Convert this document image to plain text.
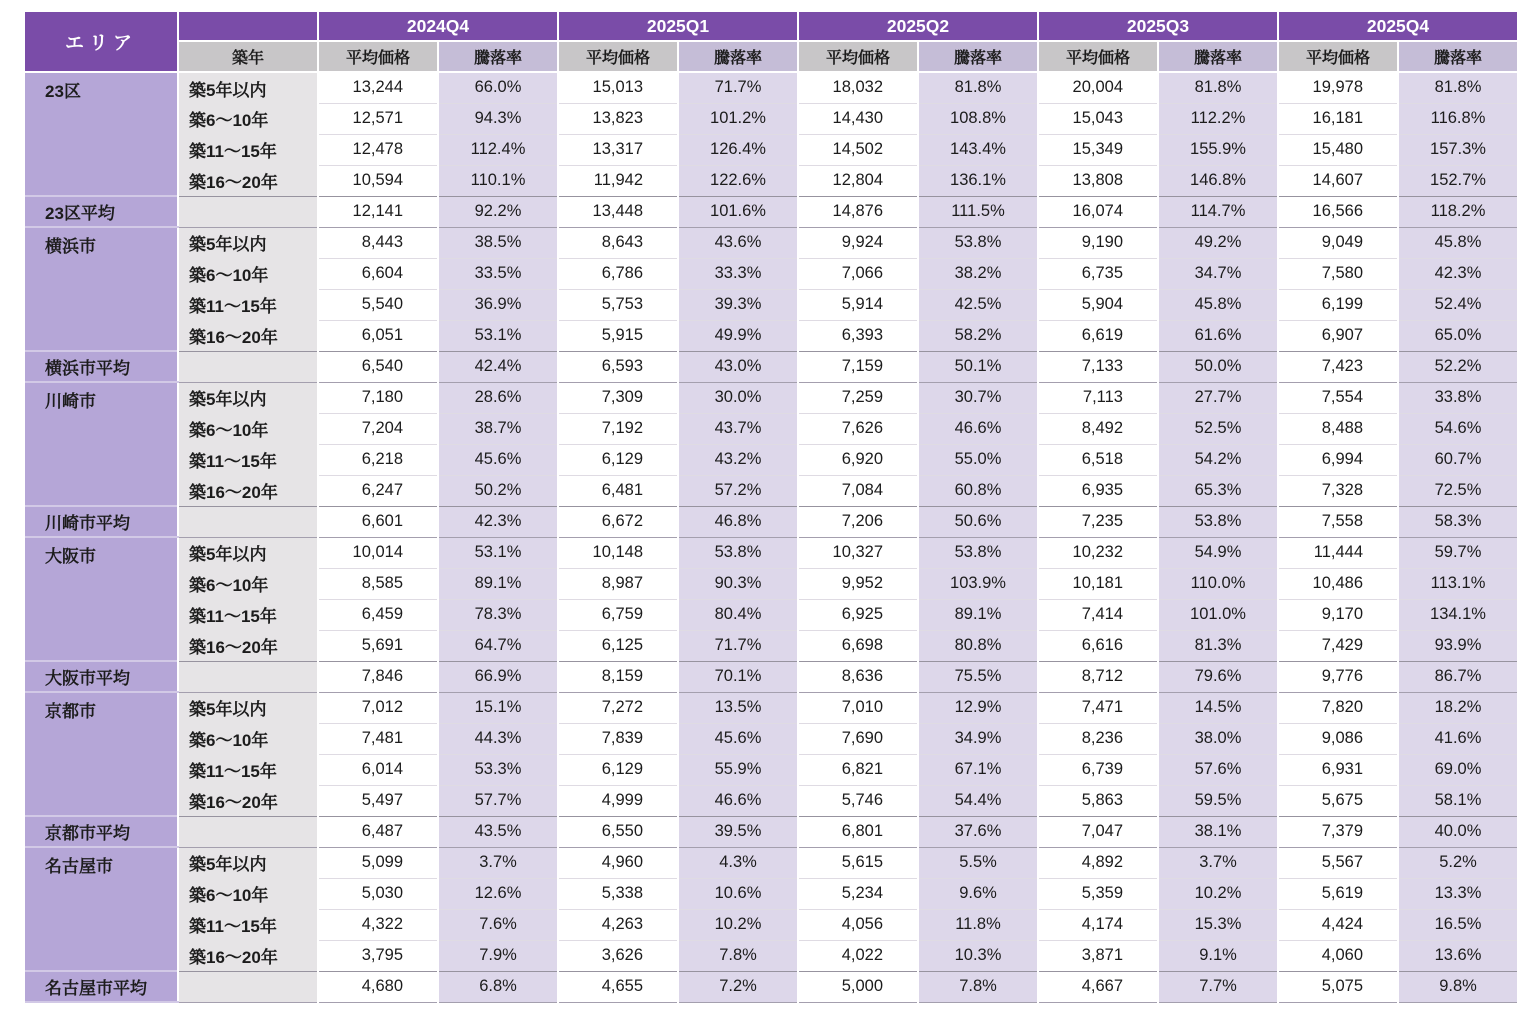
エリア		2024Q4		2025Q1		2025Q2		2025Q3		2025Q4	
	築年	平均価格	騰落率	平均価格	騰落率	平均価格	騰落率	平均価格	騰落率	平均価格	騰落率
23区	築5年以内	13,244	66.0%	15,013	71.7%	18,032	81.8%	20,004	81.8%	19,978	81.8%
	築6～10年	12,571	94.3%	13,823	101.2%	14,430	108.8%	15,043	112.2%	16,181	116.8%
	築11～15年	12,478	112.4%	13,317	126.4%	14,502	143.4%	15,349	155.9%	15,480	157.3%
	築16～20年	10,594	110.1%	11,942	122.6%	12,804	136.1%	13,808	146.8%	14,607	152.7%
23区平均		12,141	92.2%	13,448	101.6%	14,876	111.5%	16,074	114.7%	16,566	118.2%
横浜市	築5年以内	8,443	38.5%	8,643	43.6%	9,924	53.8%	9,190	49.2%	9,049	45.8%
	築6～10年	6,604	33.5%	6,786	33.3%	7,066	38.2%	6,735	34.7%	7,580	42.3%
	築11～15年	5,540	36.9%	5,753	39.3%	5,914	42.5%	5,904	45.8%	6,199	52.4%
	築16～20年	6,051	53.1%	5,915	49.9%	6,393	58.2%	6,619	61.6%	6,907	65.0%
横浜市平均		6,540	42.4%	6,593	43.0%	7,159	50.1%	7,133	50.0%	7,423	52.2%
川崎市	築5年以内	7,180	28.6%	7,309	30.0%	7,259	30.7%	7,113	27.7%	7,554	33.8%
	築6～10年	7,204	38.7%	7,192	43.7%	7,626	46.6%	8,492	52.5%	8,488	54.6%
	築11～15年	6,218	45.6%	6,129	43.2%	6,920	55.0%	6,518	54.2%	6,994	60.7%
	築16～20年	6,247	50.2%	6,481	57.2%	7,084	60.8%	6,935	65.3%	7,328	72.5%
川崎市平均		6,601	42.3%	6,672	46.8%	7,206	50.6%	7,235	53.8%	7,558	58.3%
大阪市	築5年以内	10,014	53.1%	10,148	53.8%	10,327	53.8%	10,232	54.9%	11,444	59.7%
	築6～10年	8,585	89.1%	8,987	90.3%	9,952	103.9%	10,181	110.0%	10,486	113.1%
	築11～15年	6,459	78.3%	6,759	80.4%	6,925	89.1%	7,414	101.0%	9,170	134.1%
	築16～20年	5,691	64.7%	6,125	71.7%	6,698	80.8%	6,616	81.3%	7,429	93.9%
大阪市平均		7,846	66.9%	8,159	70.1%	8,636	75.5%	8,712	79.6%	9,776	86.7%
京都市	築5年以内	7,012	15.1%	7,272	13.5%	7,010	12.9%	7,471	14.5%	7,820	18.2%
	築6～10年	7,481	44.3%	7,839	45.6%	7,690	34.9%	8,236	38.0%	9,086	41.6%
	築11～15年	6,014	53.3%	6,129	55.9%	6,821	67.1%	6,739	57.6%	6,931	69.0%
	築16～20年	5,497	57.7%	4,999	46.6%	5,746	54.4%	5,863	59.5%	5,675	58.1%
京都市平均		6,487	43.5%	6,550	39.5%	6,801	37.6%	7,047	38.1%	7,379	40.0%
名古屋市	築5年以内	5,099	3.7%	4,960	4.3%	5,615	5.5%	4,892	3.7%	5,567	5.2%
	築6～10年	5,030	12.6%	5,338	10.6%	5,234	9.6%	5,359	10.2%	5,619	13.3%
	築11～15年	4,322	7.6%	4,263	10.2%	4,056	11.8%	4,174	15.3%	4,424	16.5%
	築16～20年	3,795	7.9%	3,626	7.8%	4,022	10.3%	3,871	9.1%	4,060	13.6%
名古屋市平均		4,680	6.8%	4,655	7.2%	5,000	7.8%	4,667	7.7%	5,075	9.8%
